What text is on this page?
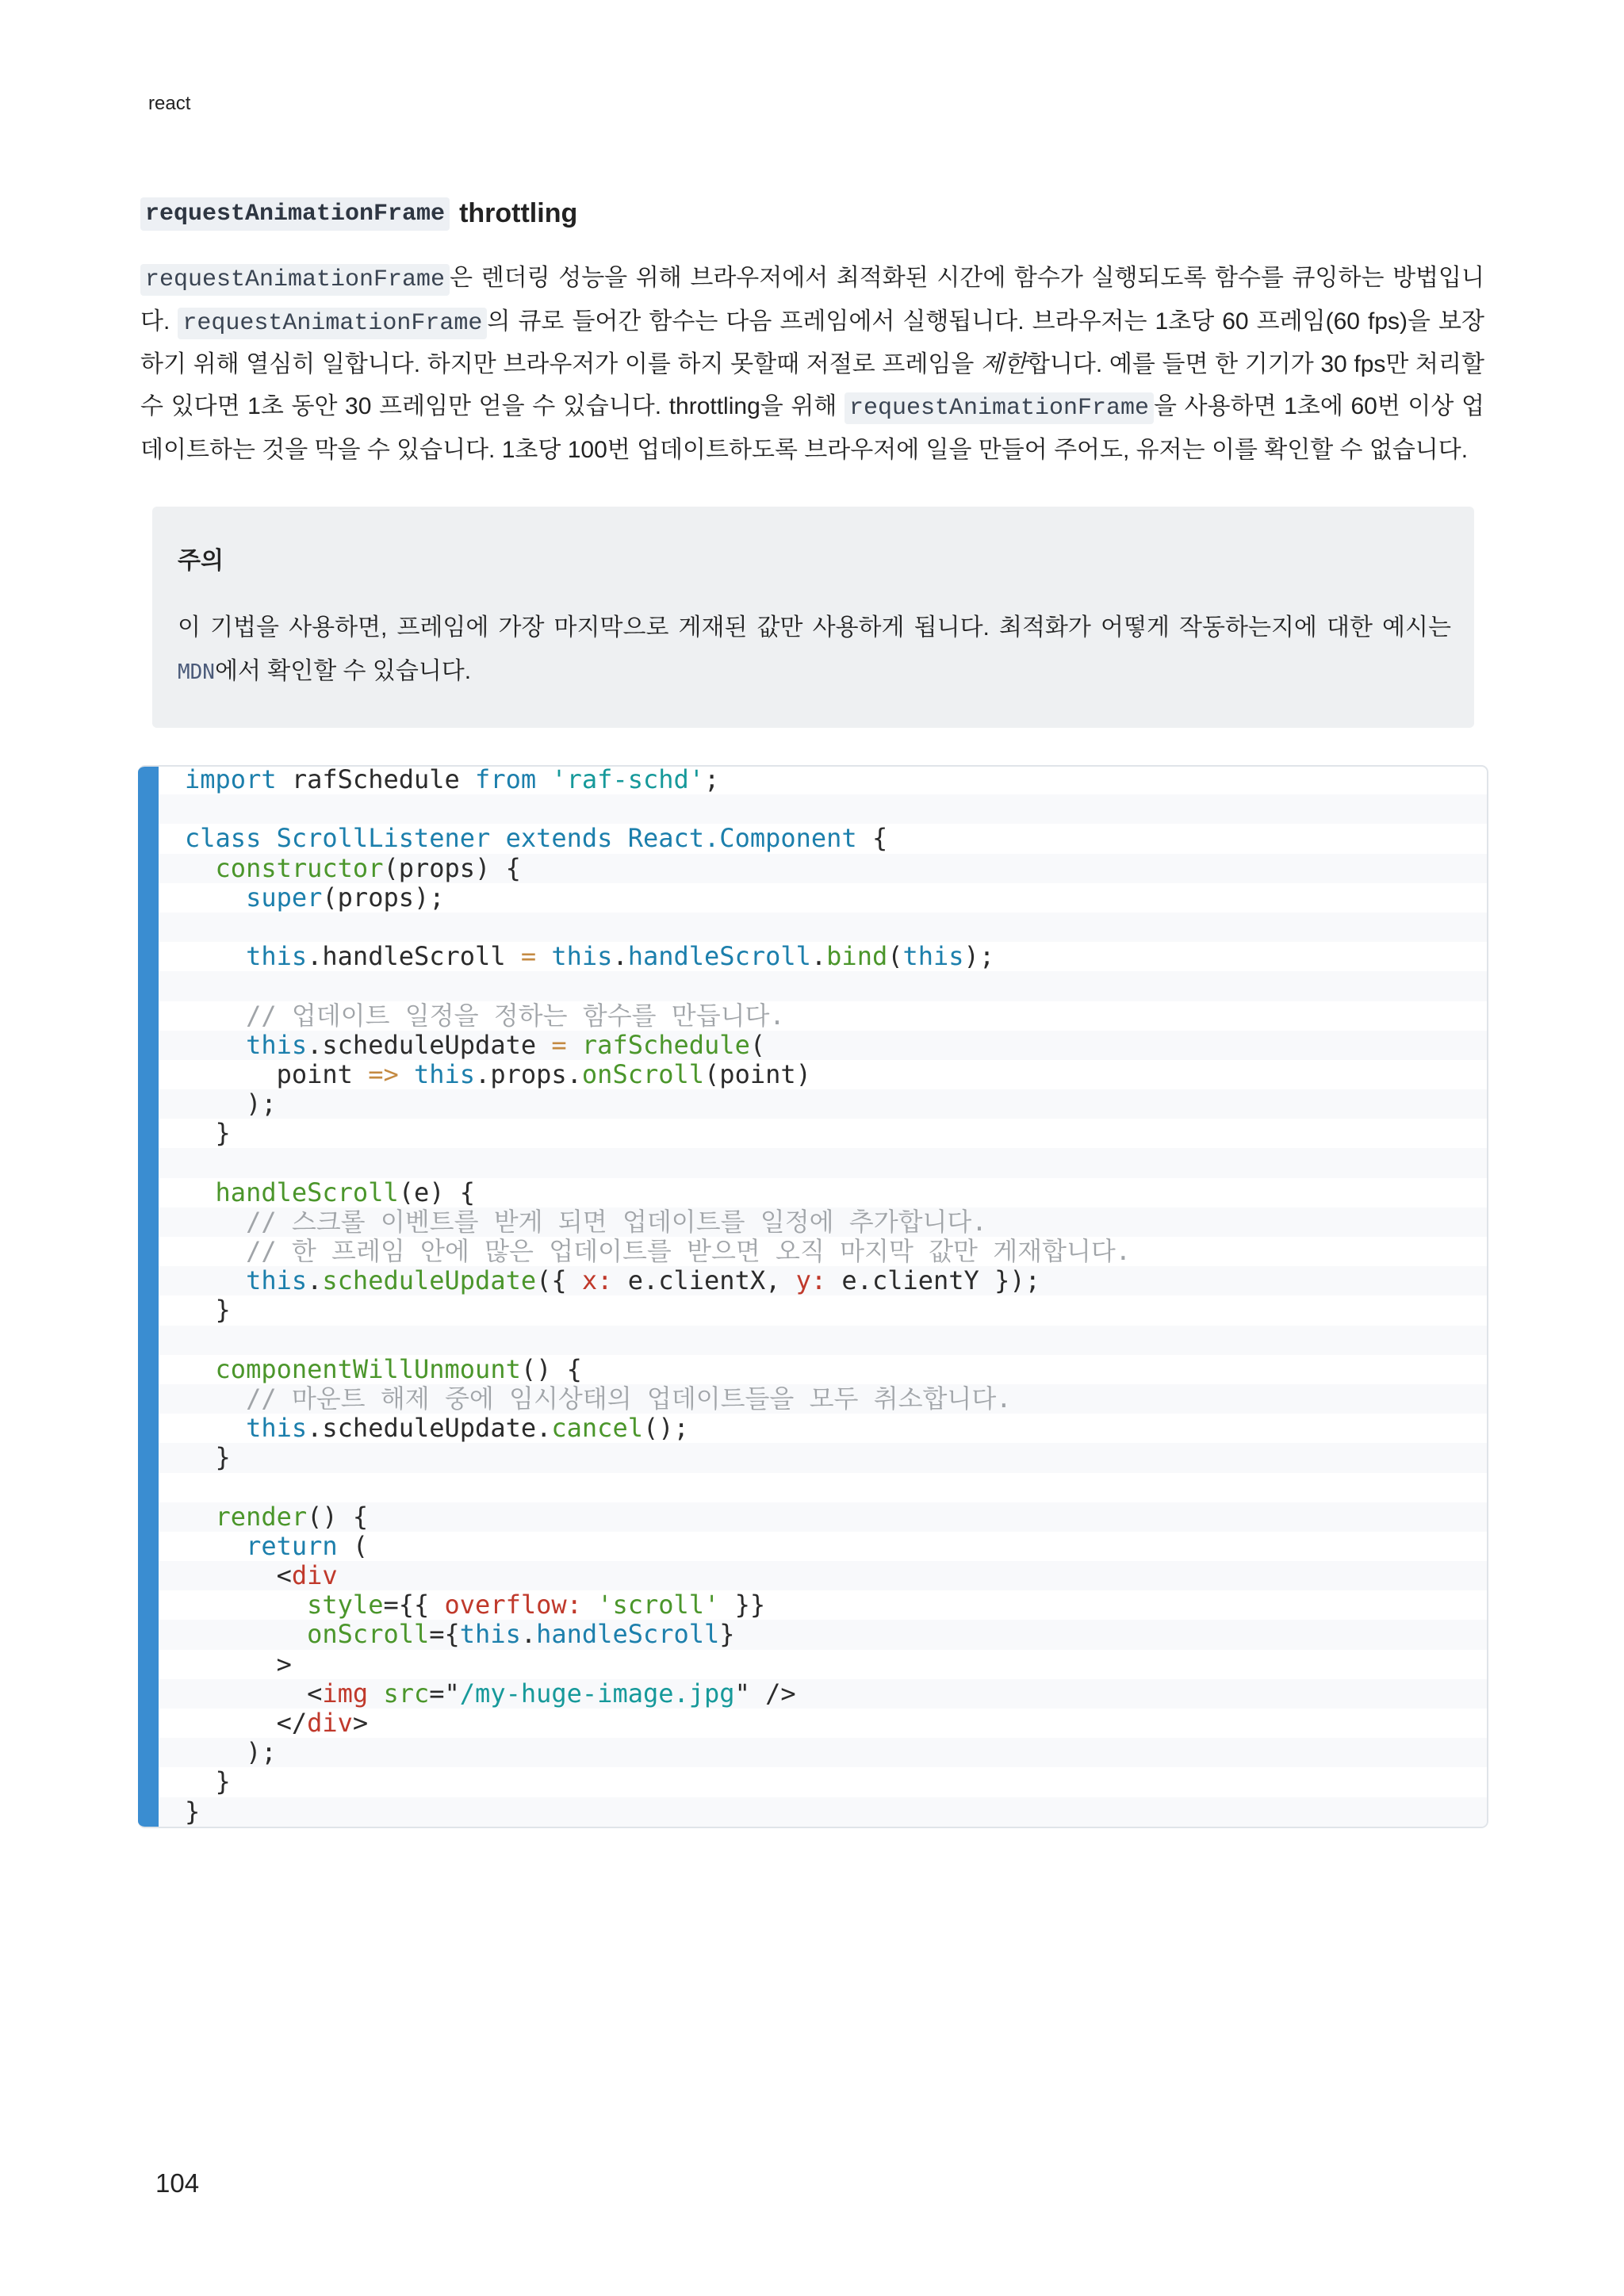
react
requestAnimationFrame throttling

requestAnimationFrame 은 렌더링 성능을 위해 브라우저에서 최적화된 시간에 함수가 실행되도록 함수를 큐잉하는 방법입니다. requestAnimationFrame 의 큐로 들어간 함수는 다음 프레임에서 실행됩니다. 브라우저는 1초당 60 프레임(60 fps)을 보장하기 위해 열심히 일합니다. 하지만 브라우저가 이를 하지 못할때 저절로 프레임을 제한합니다. 예를 들면 한 기기가 30 fps만 처리할 수 있다면 1초 동안 30 프레임만 얻을 수 있습니다. throttling을 위해 requestAnimationFrame 을 사용하면 1초에 60번 이상 업데이트하는 것을 막을 수 있습니다. 1초당 100번 업데이트하도록 브라우저에 일을 만들어 주어도, 유저는 이를 확인할 수 없습니다.

주의

이 기법을 사용하면, 프레임에 가장 마지막으로 게재된 값만 사용하게 됩니다. 최적화가 어떻게 작동하는지에 대한 예시는 MDN에서 확인할 수 있습니다.

import rafSchedule from 'raf-schd';
class ScrollListener extends React.Component {
constructor(props) {
super(props);
this.handleScroll = this.handleScroll.bind(this);
// 업데이트 일정을 정하는 함수를 만듭니다.
this.scheduleUpdate = rafSchedule(
point => this.props.onScroll(point)
);
}
handleScroll(e) {
// 스크롤 이벤트를 받게 되면 업데이트를 일정에 추가합니다.
// 한 프레임 안에 많은 업데이트를 받으면 오직 마지막 값만 게재합니다.
this.scheduleUpdate({ x: e.clientX, y: e.clientY });
}
componentWillUnmount() {
// 마운트 해제 중에 임시상태의 업데이트들을 모두 취소합니다.
this.scheduleUpdate.cancel();
}
render() {
return (
<div
style={{ overflow: 'scroll' }}
onScroll={this.handleScroll}
>
<img src="/my-huge-image.jpg" />
</div>
);
}
}
104
